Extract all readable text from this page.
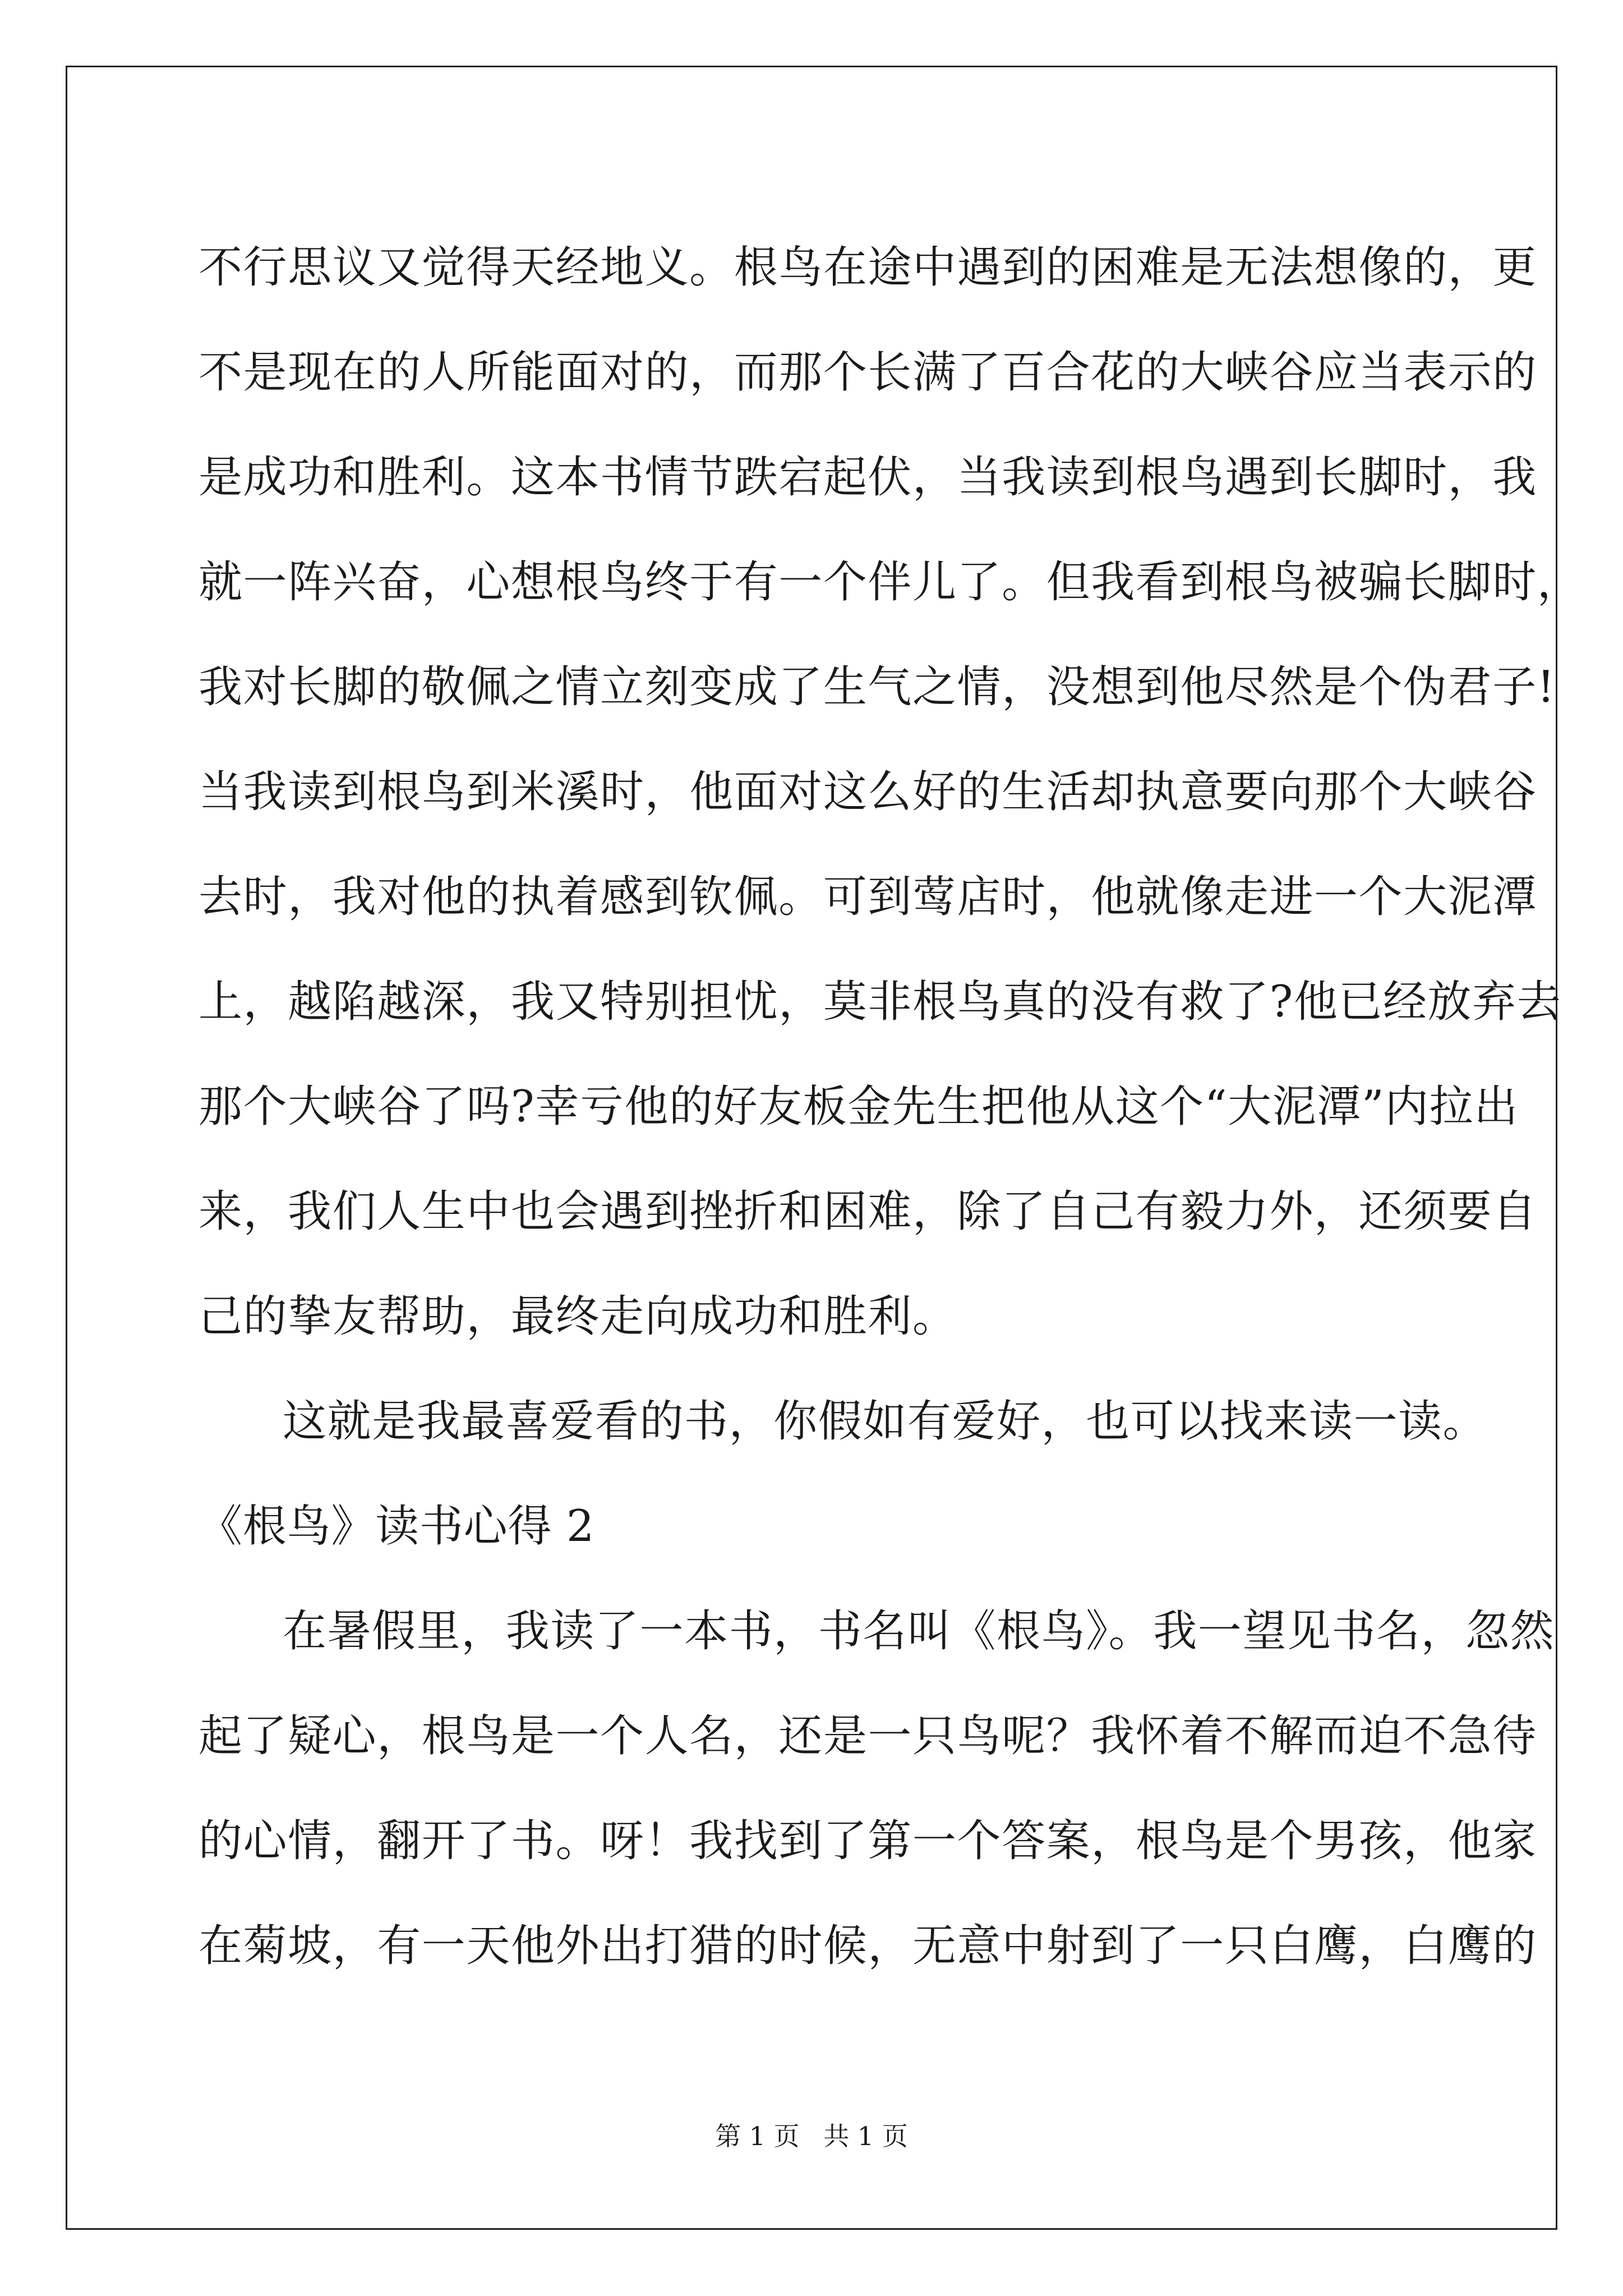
不行思议又觉得天经地义。根鸟在途中遇到的困难是无法想像的，更
不是现在的人所能面对的，而那个长满了百合花的大峡谷应当表示的
是成功和胜利。这本书情节跌宕起伏，当我读到根鸟遇到长脚时，我
就一阵兴奋，心想根鸟终于有一个伴儿了。但我看到根鸟被骗长脚时，
我对长脚的敬佩之情立刻变成了生气之情，没想到他尽然是个伪君子!
当我读到根鸟到米溪时，他面对这么好的生活却执意要向那个大峡谷
去时，我对他的执着感到钦佩。可到莺店时，他就像走进一个大泥潭
上，越陷越深，我又特别担忧，莫非根鸟真的没有救了?他已经放弃去
那个大峡谷了吗?幸亏他的好友板金先生把他从这个“大泥潭”内拉出
来，我们人生中也会遇到挫折和困难，除了自己有毅力外，还须要自
己的挚友帮助，最终走向成功和胜利。
这就是我最喜爱看的书，你假如有爱好，也可以找来读一读。
《根鸟》读书心得 2
在暑假里，我读了一本书，书名叫《根鸟》。我一望见书名，忽然
起了疑心，根鸟是一个人名，还是一只鸟呢？我怀着不解而迫不急待
的心情，翻开了书。呀！我找到了第一个答案，根鸟是个男孩，他家
在菊坡，有一天他外出打猎的时候，无意中射到了一只白鹰，白鹰的
第 1 页 共 1 页
